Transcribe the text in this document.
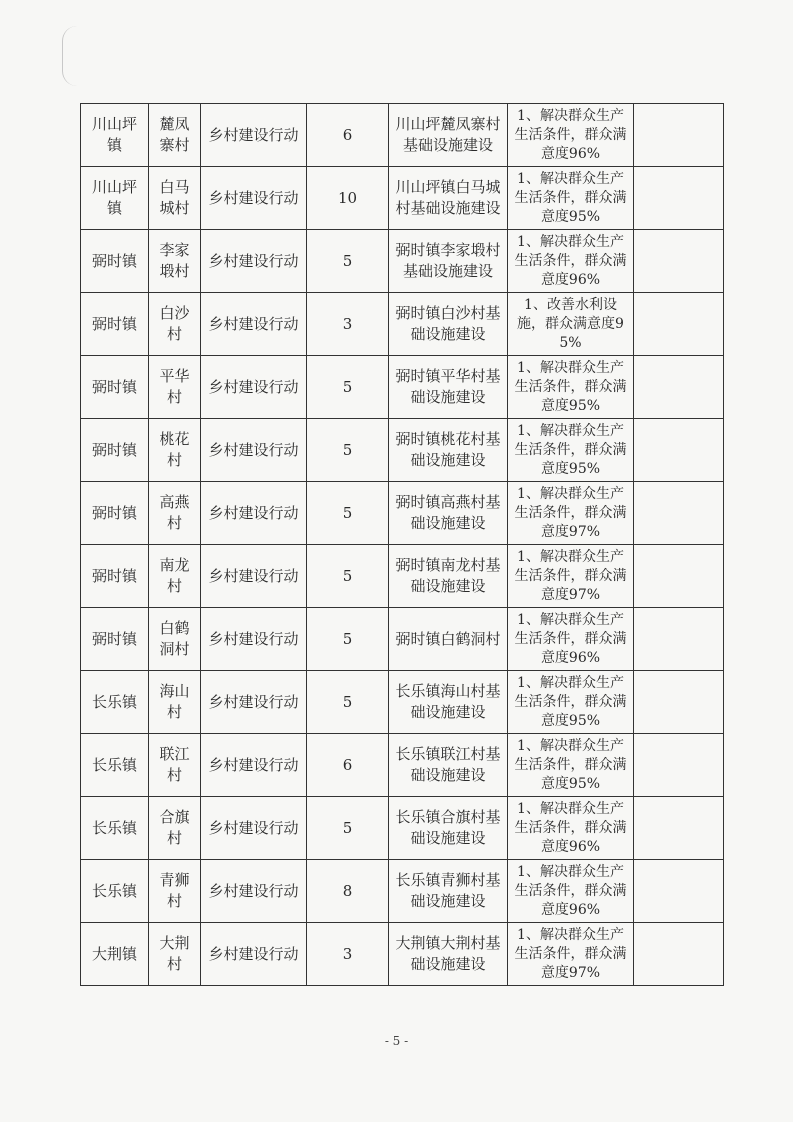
川山坪镇	麓凤寨村	乡村建设行动	6	川山坪麓凤寨村基础设施建设	1、解决群众生产生活条件，群众满意度96%	
川山坪镇	白马城村	乡村建设行动	10	川山坪镇白马城村基础设施建设	1、解决群众生产生活条件，群众满意度95%	
弼时镇	李家塅村	乡村建设行动	5	弼时镇李家塅村基础设施建设	1、解决群众生产生活条件，群众满意度96%	
弼时镇	白沙村	乡村建设行动	3	弼时镇白沙村基础设施建设	1、改善水利设施，群众满意度95%	
弼时镇	平华村	乡村建设行动	5	弼时镇平华村基础设施建设	1、解决群众生产生活条件，群众满意度95%	
弼时镇	桃花村	乡村建设行动	5	弼时镇桃花村基础设施建设	1、解决群众生产生活条件，群众满意度95%	
弼时镇	高燕村	乡村建设行动	5	弼时镇高燕村基础设施建设	1、解决群众生产生活条件，群众满意度97%	
弼时镇	南龙村	乡村建设行动	5	弼时镇南龙村基础设施建设	1、解决群众生产生活条件，群众满意度97%	
弼时镇	白鹤洞村	乡村建设行动	5	弼时镇白鹤洞村	1、解决群众生产生活条件，群众满意度96%	
长乐镇	海山村	乡村建设行动	5	长乐镇海山村基础设施建设	1、解决群众生产生活条件，群众满意度95%	
长乐镇	联江村	乡村建设行动	6	长乐镇联江村基础设施建设	1、解决群众生产生活条件，群众满意度95%	
长乐镇	合旗村	乡村建设行动	5	长乐镇合旗村基础设施建设	1、解决群众生产生活条件，群众满意度96%	
长乐镇	青狮村	乡村建设行动	8	长乐镇青狮村基础设施建设	1、解决群众生产生活条件，群众满意度96%	
大荆镇	大荆村	乡村建设行动	3	大荆镇大荆村基础设施建设	1、解决群众生产生活条件，群众满意度97%	
- 5 -
